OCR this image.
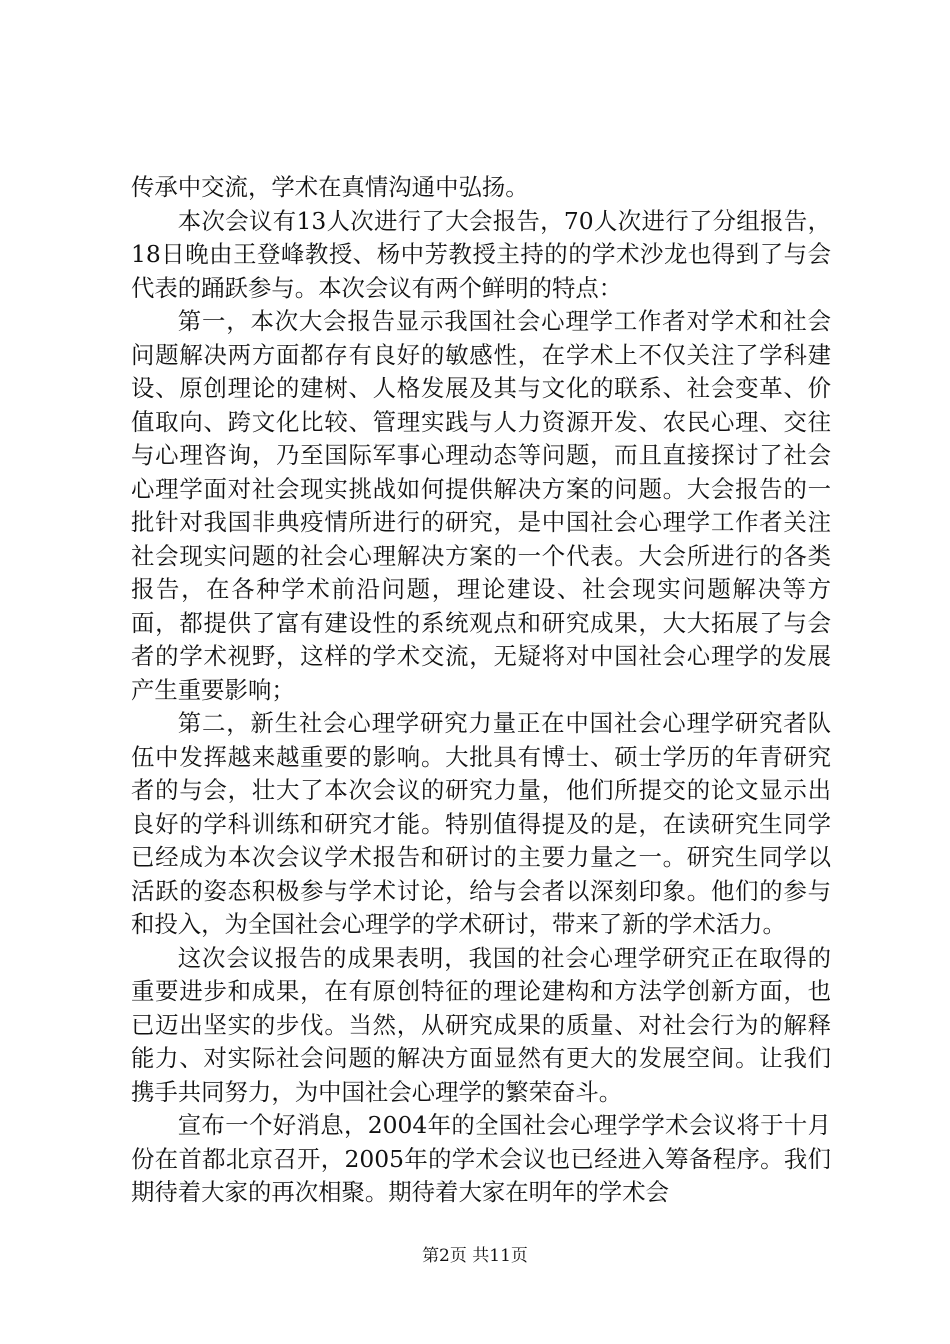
传承中交流，学术在真情沟通中弘扬。

本次会议有13人次进行了大会报告，70人次进行了分组报告，18日晚由王登峰教授、杨中芳教授主持的的学术沙龙也得到了与会代表的踊跃参与。本次会议有两个鲜明的特点：

第一，本次大会报告显示我国社会心理学工作者对学术和社会问题解决两方面都存有良好的敏感性，在学术上不仅关注了学科建设、原创理论的建树、人格发展及其与文化的联系、社会变革、价值取向、跨文化比较、管理实践与人力资源开发、农民心理、交往与心理咨询，乃至国际军事心理动态等问题，而且直接探讨了社会心理学面对社会现实挑战如何提供解决方案的问题。大会报告的一批针对我国非典疫情所进行的研究，是中国社会心理学工作者关注社会现实问题的社会心理解决方案的一个代表。大会所进行的各类报告，在各种学术前沿问题，理论建设、社会现实问题解决等方面，都提供了富有建设性的系统观点和研究成果，大大拓展了与会者的学术视野，这样的学术交流，无疑将对中国社会心理学的发展产生重要影响；

第二，新生社会心理学研究力量正在中国社会心理学研究者队伍中发挥越来越重要的影响。大批具有博士、硕士学历的年青研究者的与会，壮大了本次会议的研究力量，他们所提交的论文显示出良好的学科训练和研究才能。特别值得提及的是，在读研究生同学已经成为本次会议学术报告和研讨的主要力量之一。研究生同学以活跃的姿态积极参与学术讨论，给与会者以深刻印象。他们的参与和投入，为全国社会心理学的学术研讨，带来了新的学术活力。

这次会议报告的成果表明，我国的社会心理学研究正在取得的重要进步和成果，在有原创特征的理论建构和方法学创新方面，也已迈出坚实的步伐。当然，从研究成果的质量、对社会行为的解释能力、对实际社会问题的解决方面显然有更大的发展空间。让我们携手共同努力，为中国社会心理学的繁荣奋斗。

宣布一个好消息，2004年的全国社会心理学学术会议将于十月份在首都北京召开，2005年的学术会议也已经进入筹备程序。我们期待着大家的再次相聚。期待着大家在明年的学术会

第2页 共11页
